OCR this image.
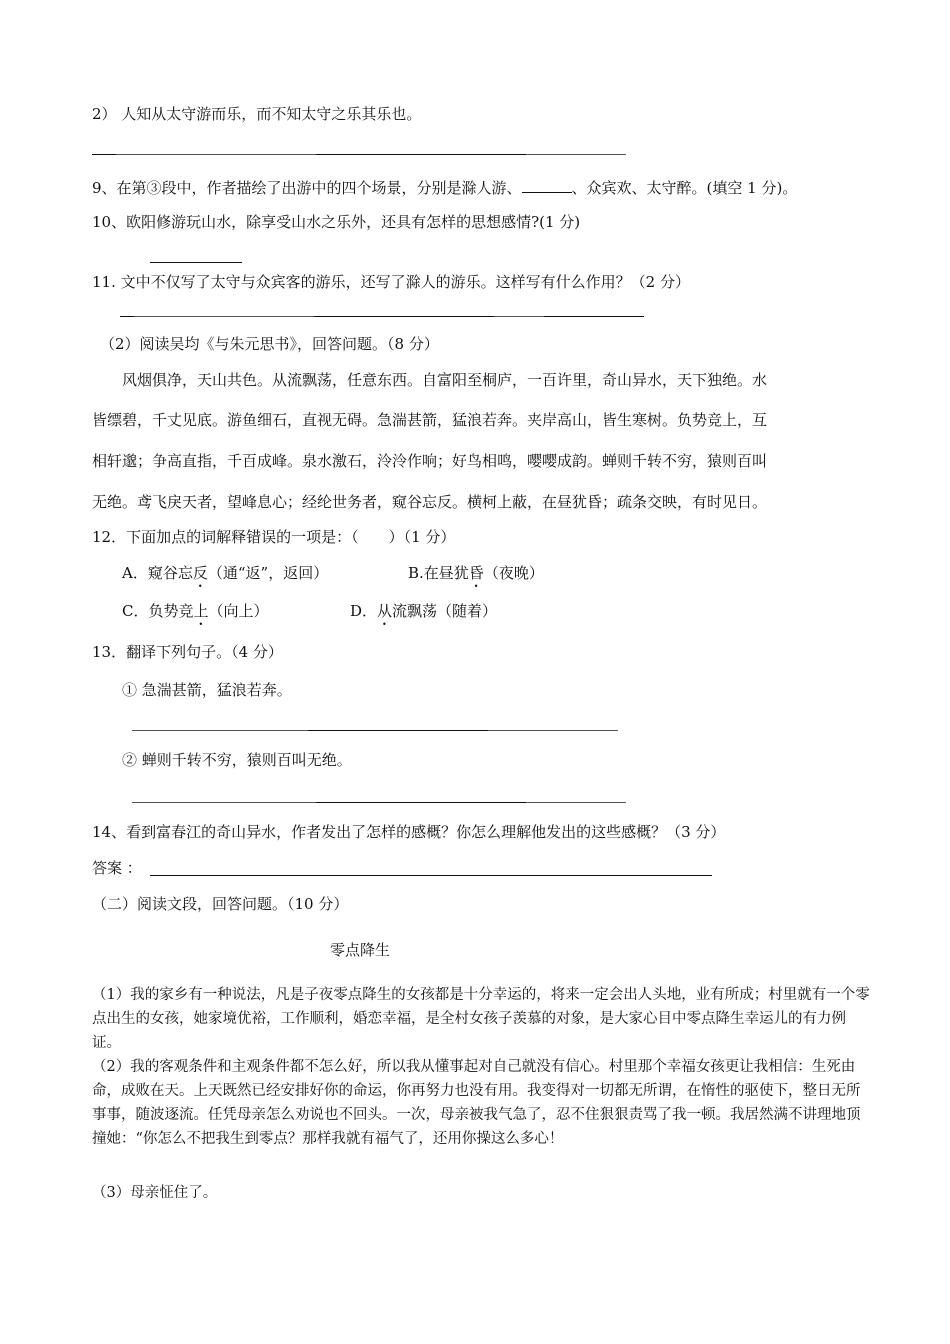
2） 人知从太守游而乐，而不知太守之乐其乐也。
9、在第③段中，作者描绘了出游中的四个场景，分别是滁人游、	、众宾欢、太守醉。(填空 1 分)。
10、欧阳修游玩山水，除享受山水之乐外，还具有怎样的思想感情?(1 分)
11. 文中不仅写了太守与众宾客的游乐，还写了滁人的游乐。这样写有什么作用？（2 分）
（2）阅读吴均《与朱元思书》，回答问题。（8 分）
风烟俱净，天山共色。从流飘荡，任意东西。自富阳至桐庐，一百许里，奇山异水，天下独绝。水
皆缥碧，千丈见底。游鱼细石，直视无碍。急湍甚箭，猛浪若奔。夹岸高山，皆生寒树。负势竞上，互
相轩邈；争高直指，千百成峰。泉水激石，泠泠作响；好鸟相鸣，嘤嘤成韵。蝉则千转不穷，猿则百叫
无绝。鸢飞戾天者，望峰息心；经纶世务者，窥谷忘反。横柯上蔽，在昼犹昏；疏条交映，有时见日。
12．下面加点的词解释错误的一项是：（　　）（1 分）
A．窥谷忘反（通“返”，返回）	B.在昼犹昏（夜晚）
C．负势竞上（向上）	D．从流飘荡（随着）
13．翻译下列句子。（4 分）
① 急湍甚箭，猛浪若奔。
② 蝉则千转不穷，猿则百叫无绝。
14、看到富春江的奇山异水，作者发出了怎样的感概？你怎么理解他发出的这些感概？（3 分）
答案 ：
（二）阅读文段，回答问题。（10 分）
零点降生
（1）我的家乡有一种说法，凡是子夜零点降生的女孩都是十分幸运的，将来一定会出人头地，业有所成；村里就有一个零点出生的女孩，她家境优裕，工作顺利，婚恋幸福，是全村女孩子羡慕的对象，是大家心目中零点降生幸运儿的有力例证。
（2）我的客观条件和主观条件都不怎么好，所以我从懂事起对自己就没有信心。村里那个幸福女孩更让我相信：生死由命，成败在天。上天既然已经安排好你的命运，你再努力也没有用。我变得对一切都无所谓，在惰性的驱使下，整日无所事事，随波逐流。任凭母亲怎么劝说也不回头。一次，母亲被我气急了，忍不住狠狠责骂了我一顿。我居然满不讲理地顶撞她：“你怎么不把我生到零点？那样我就有福气了，还用你操这么多心！
（3）母亲怔住了。
